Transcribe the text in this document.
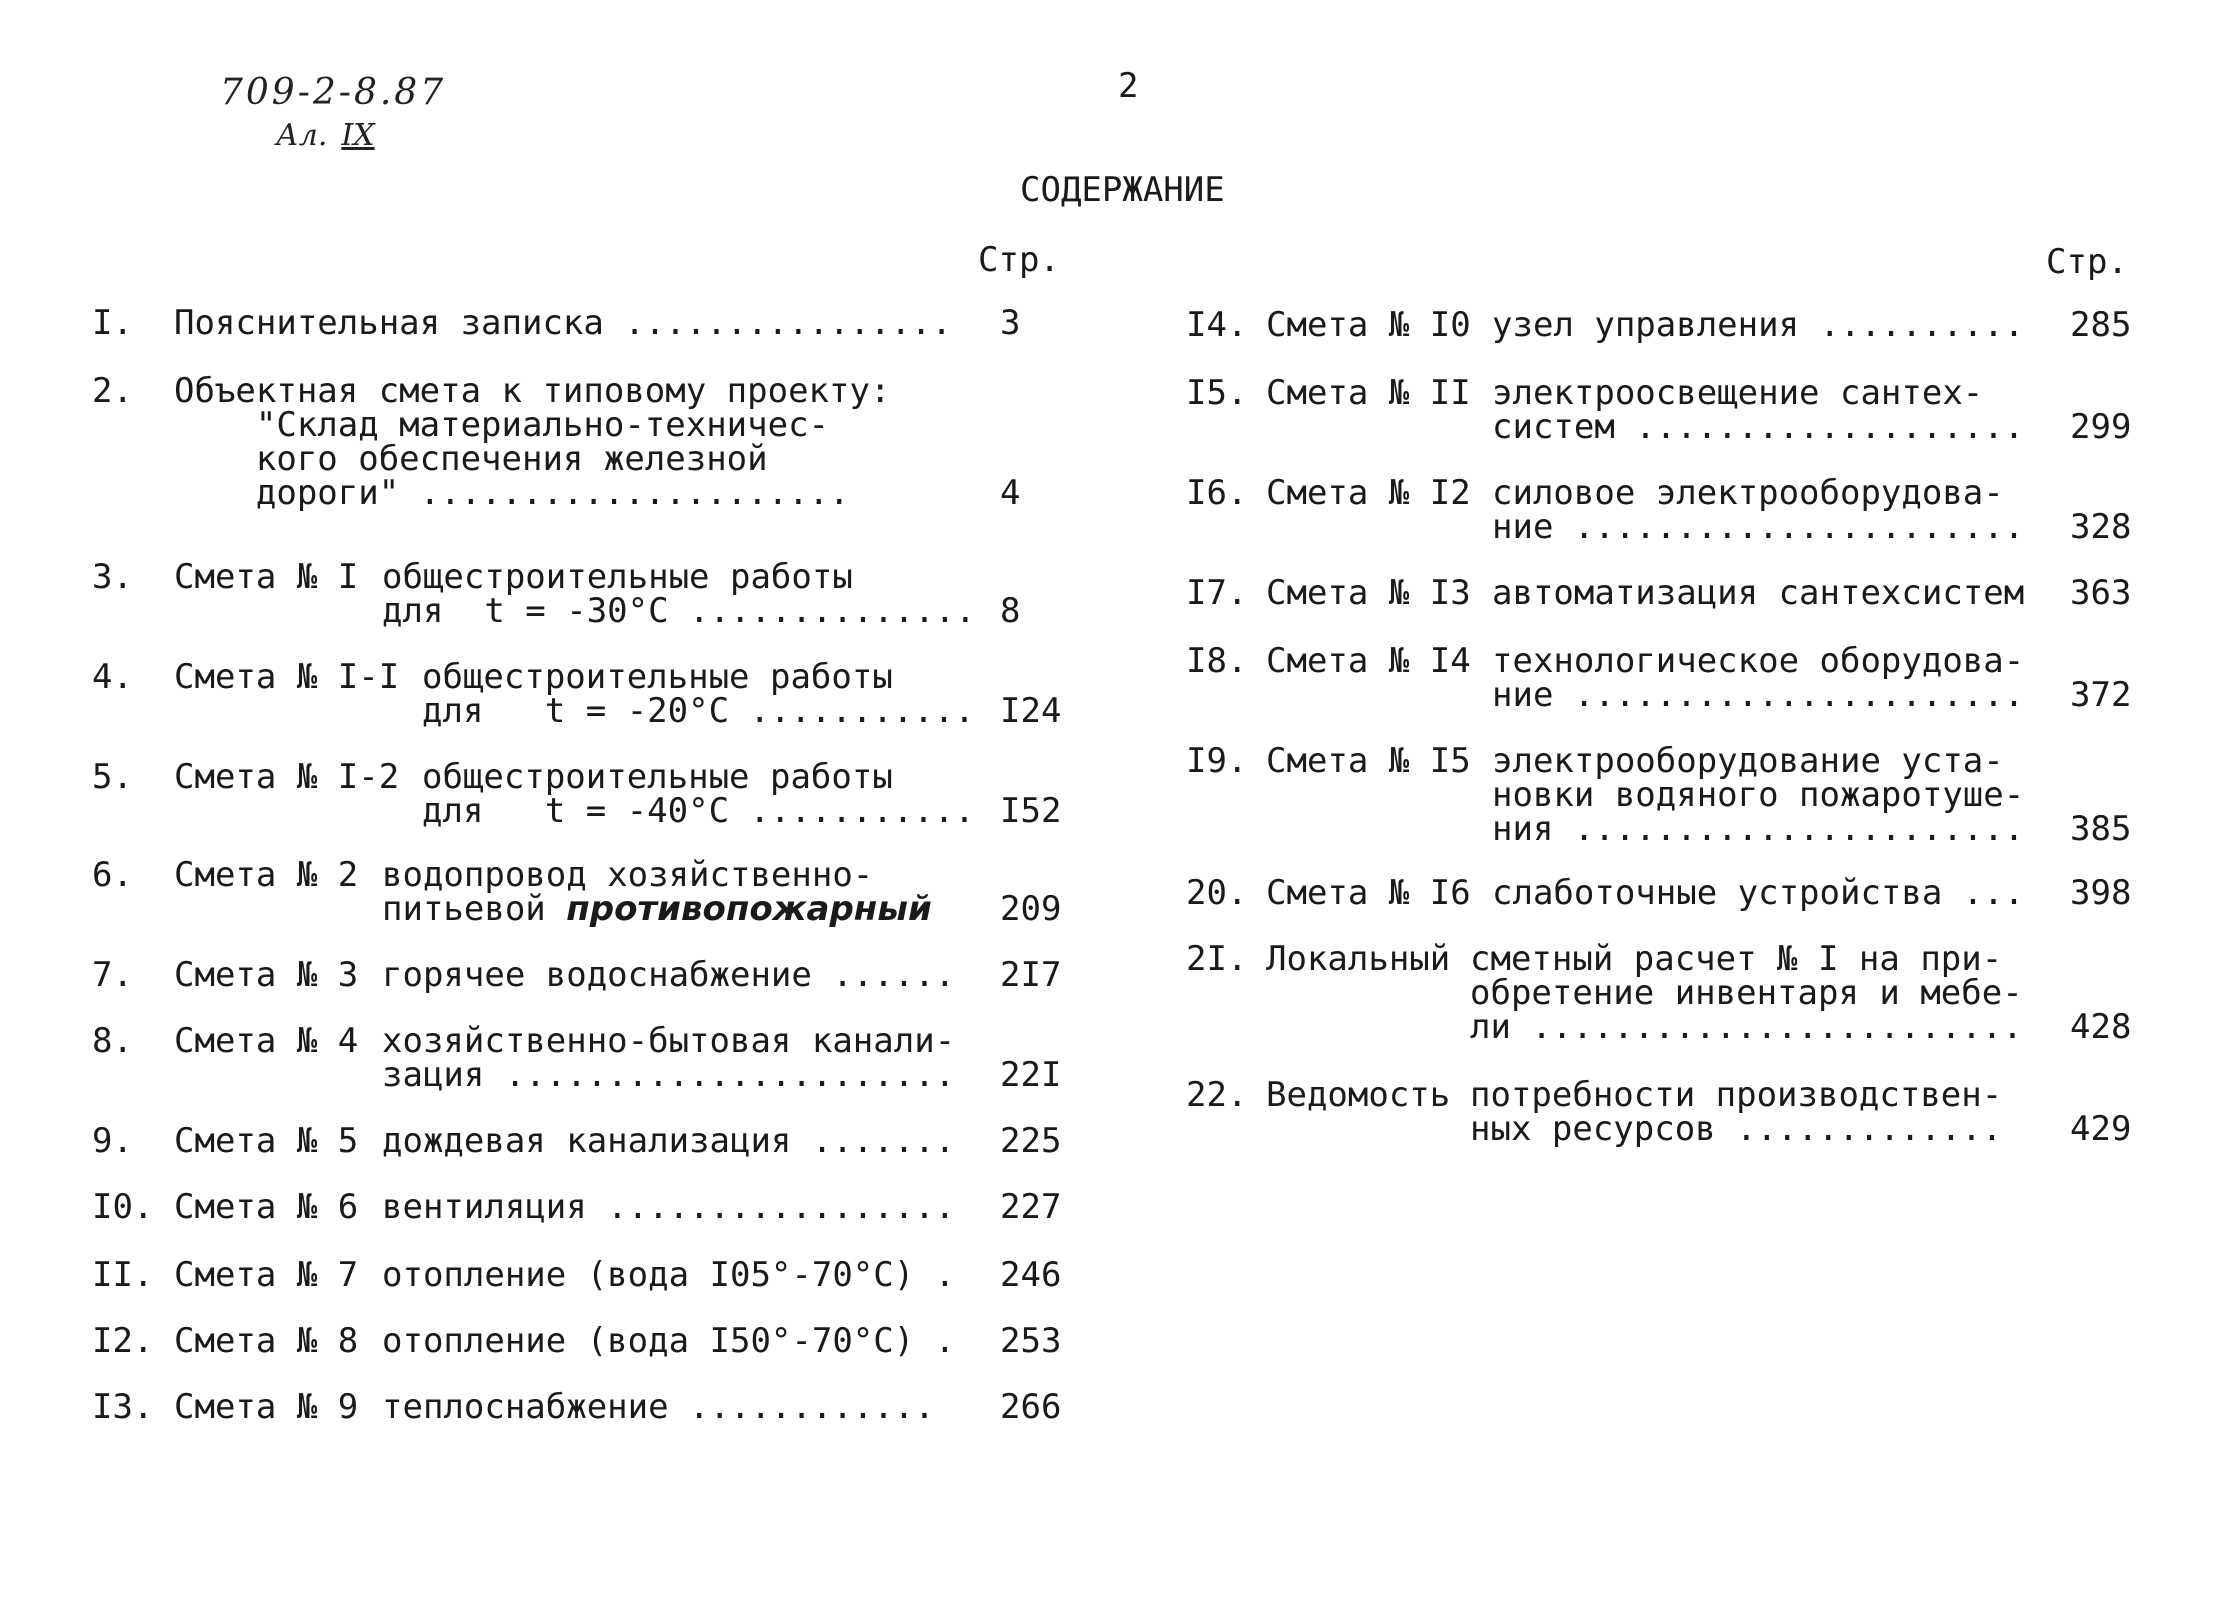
709-2-8.87
Ал. IX
2
СОДЕРЖАНИЕ
Стр.	Стр.
I. Пояснительная записка ................ 3
2. Объектная смета к типовому проекту:
"Склад материально-техничес-
кого обеспечения железной
дороги" .....................	4
3. Смета № I общестроительные работы
для  t = -30°С .............. 8
4. Смета № I-I общестроительные работы
для   t = -20°С ........... I24
5. Смета № I-2 общестроительные работы
для   t = -40°С ........... I52
6. Смета № 2 водопровод хозяйственно-
питьевой противопожарный 209
7. Смета № 3 горячее водоснабжение ...... 2I7
8. Смета № 4 хозяйственно-бытовая канали-
зация ...................... 22I
9. Смета № 5 дождевая канализация ....... 225
I0. Смета № 6 вентиляция ................. 227
II. Смета № 7 отопление (вода I05°-70°С) . 246
I2. Смета № 8 отопление (вода I50°-70°С) . 253
I3. Смета № 9 теплоснабжение ............ 266
I4. Смета № I0 узел управления .......... 285
I5. Смета № II электроосвещение сантех-
систем ................... 299
I6. Смета № I2 силовое электрооборудова-
ние ...................... 328
I7. Смета № I3 автоматизация сантехсистем 363
I8. Смета № I4 технологическое оборудова-
ние ...................... 372
I9. Смета № I5 электрооборудование уста-
новки водяного пожаротуше-
ния ...................... 385
20. Смета № I6 слаботочные устройства ... 398
2I. Локальный сметный расчет № I на при-
обретение инвентаря и мебе-
ли ........................ 428
22. Ведомость потребности производствен-
ных ресурсов ............. 429
